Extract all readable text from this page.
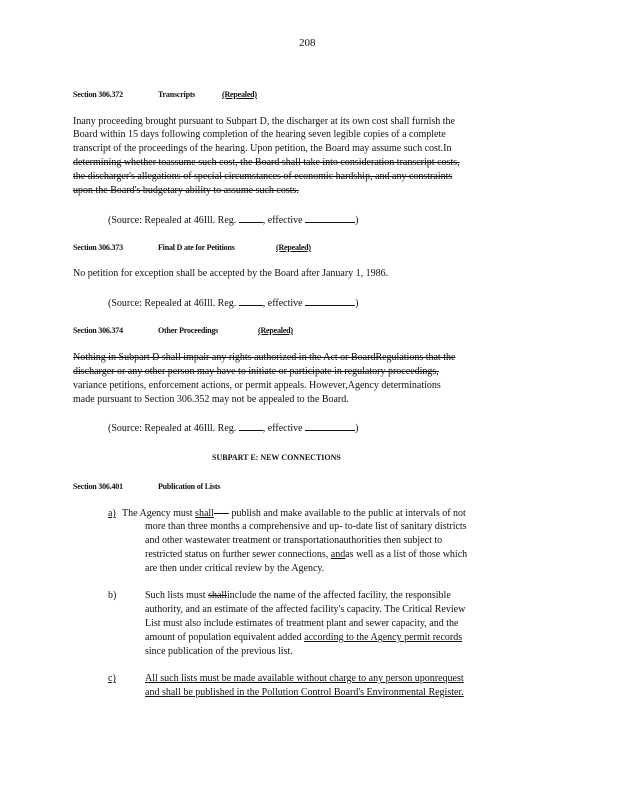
208
Section 306.372	Transcripts	(Repealed)
Inany proceeding brought pursuant to Subpart D, the discharger at its own cost shall furnish the
Board within 15 days following completion of the hearing seven legible copies of a complete
transcript of the proceedings of the hearing. Upon petition, the Board may assume such cost.In
determining whether toassume such cost, the Board shall take into consideration transcript costs,
the discharger's allegations of special circumstances of economic hardship, and any constraints
upon the Board's budgetary ability to assume such costs.
(Source: Repealed at 46Ill. Reg.	, effective	)
Section 306.373	Final D ate for Petitions	(Repealed)
No petition for exception shall be accepted by the Board after January 1, 1986.
(Source: Repealed at 46Ill. Reg.	, effective	)
Section 306.374	Other Proceedings	(Repealed)
Nothing in Subpart D shall impair any rights authorized in the Act or BoardRegulations that the
discharger or any other person may have to initiate or participate in regulatory proceedings,
variance petitions, enforcement actions, or permit appeals. However,Agency determinations
made pursuant to Section 306.352 may not be appealed to the Board.
(Source: Repealed at 46Ill. Reg.	, effective	)
SUBPART E: NEW CONNECTIONS
Section 306.401	Publication of Lists
a) The Agency must shall publish and make available to the public at intervals of not
more than three months a comprehensive and up- to-date list of sanitary districts
and other wastewater treatment or transportationauthorities then subject to
restricted status on further sewer connections, andas well as a list of those which
are then under critical review by the Agency.
b)	Such lists must shallinclude the name of the affected facility, the responsible
authority, and an estimate of the affected facility's capacity. The Critical Review
List must also include estimates of treatment plant and sewer capacity, and the
amount of population equivalent added according to the Agency permit records
since publication of the previous list.
c)	All such lists must be made available without charge to any person uponrequest
and shall be published in the Pollution Control Board's Environmental Register.
